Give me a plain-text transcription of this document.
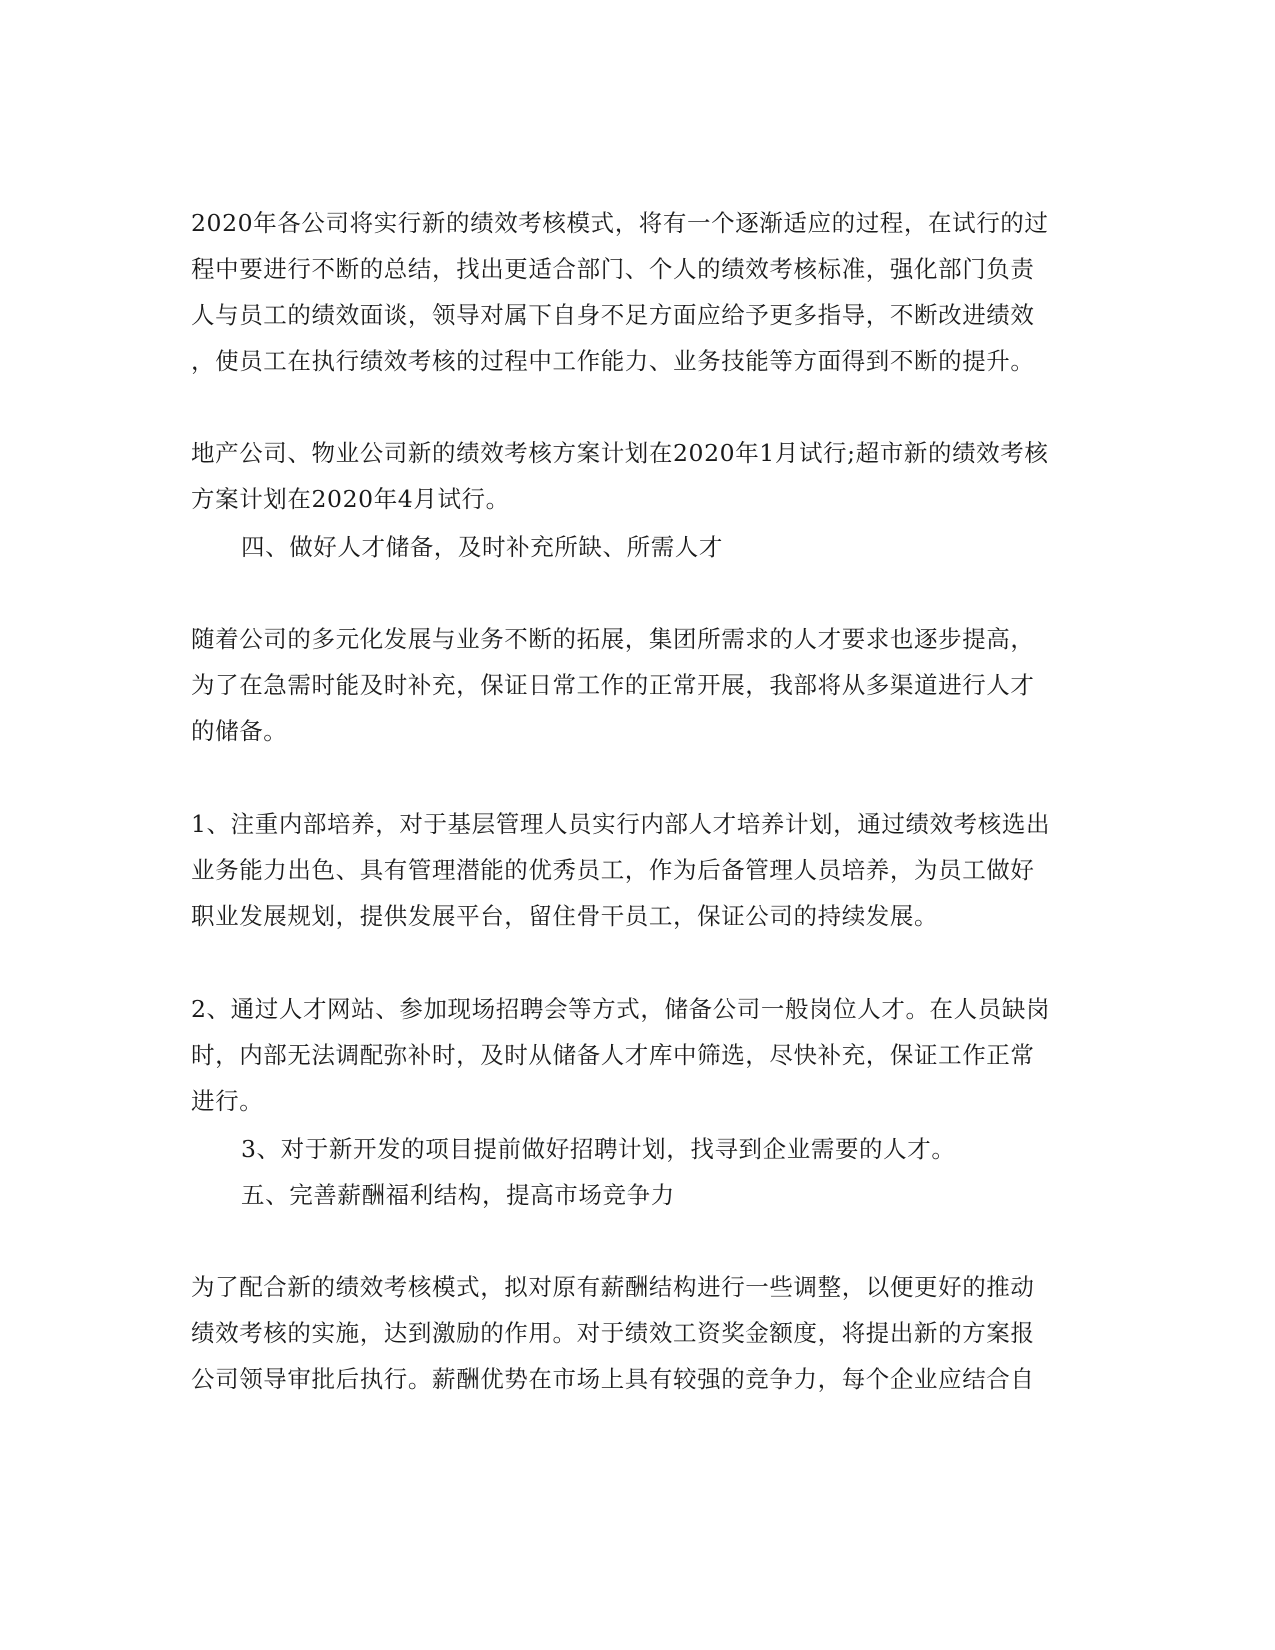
2020年各公司将实行新的绩效考核模式，将有一个逐渐适应的过程，在试行的过
程中要进行不断的总结，找出更适合部门、个人的绩效考核标准，强化部门负责
人与员工的绩效面谈，领导对属下自身不足方面应给予更多指导，不断改进绩效
，使员工在执行绩效考核的过程中工作能力、业务技能等方面得到不断的提升。
地产公司、物业公司新的绩效考核方案计划在2020年1月试行;超市新的绩效考核
方案计划在2020年4月试行。
四、做好人才储备，及时补充所缺、所需人才
随着公司的多元化发展与业务不断的拓展，集团所需求的人才要求也逐步提高，
为了在急需时能及时补充，保证日常工作的正常开展，我部将从多渠道进行人才
的储备。
1、注重内部培养，对于基层管理人员实行内部人才培养计划，通过绩效考核选出
业务能力出色、具有管理潜能的优秀员工，作为后备管理人员培养，为员工做好
职业发展规划，提供发展平台，留住骨干员工，保证公司的持续发展。
2、通过人才网站、参加现场招聘会等方式，储备公司一般岗位人才。在人员缺岗
时，内部无法调配弥补时，及时从储备人才库中筛选，尽快补充，保证工作正常
进行。
3、对于新开发的项目提前做好招聘计划，找寻到企业需要的人才。
五、完善薪酬福利结构，提高市场竞争力
为了配合新的绩效考核模式，拟对原有薪酬结构进行一些调整，以便更好的推动
绩效考核的实施，达到激励的作用。对于绩效工资奖金额度，将提出新的方案报
公司领导审批后执行。薪酬优势在市场上具有较强的竞争力，每个企业应结合自
